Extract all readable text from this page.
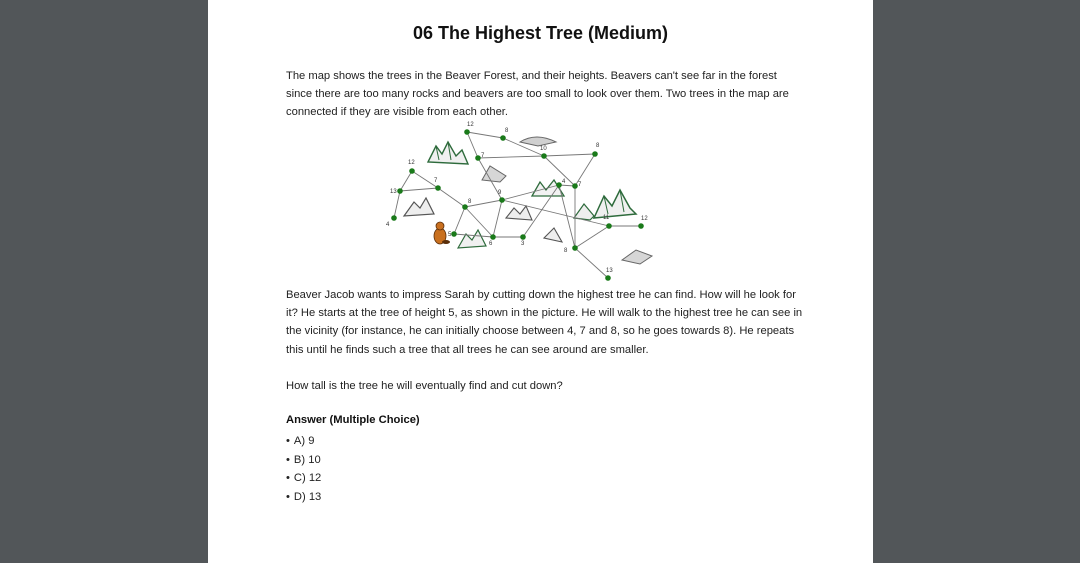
06 The Highest Tree (Medium)

The map shows the trees in the Beaver Forest, and their heights. Beavers can't see far in the forest since there are too many rocks and beavers are too small to look over them. Two trees in the map are connected if they are visible from each other.

12
8
10	8
12
7
7
13	9
4
8
4
7
11	12
5
6	3
8
13

Beaver Jacob wants to impress Sarah by cutting down the highest tree he can find. How will he look for it? He starts at the tree of height 5, as shown in the picture. He will walk to the highest tree he can see in the vicinity (for instance, he can initially choose between 4, 7 and 8, so he goes towards 8). He repeats this until he finds such a tree that all trees he can see around are smaller.

How tall is the tree he will eventually find and cut down?

Answer (Multiple Choice)

• A) 9
• B) 10
• C) 12
• D) 13
